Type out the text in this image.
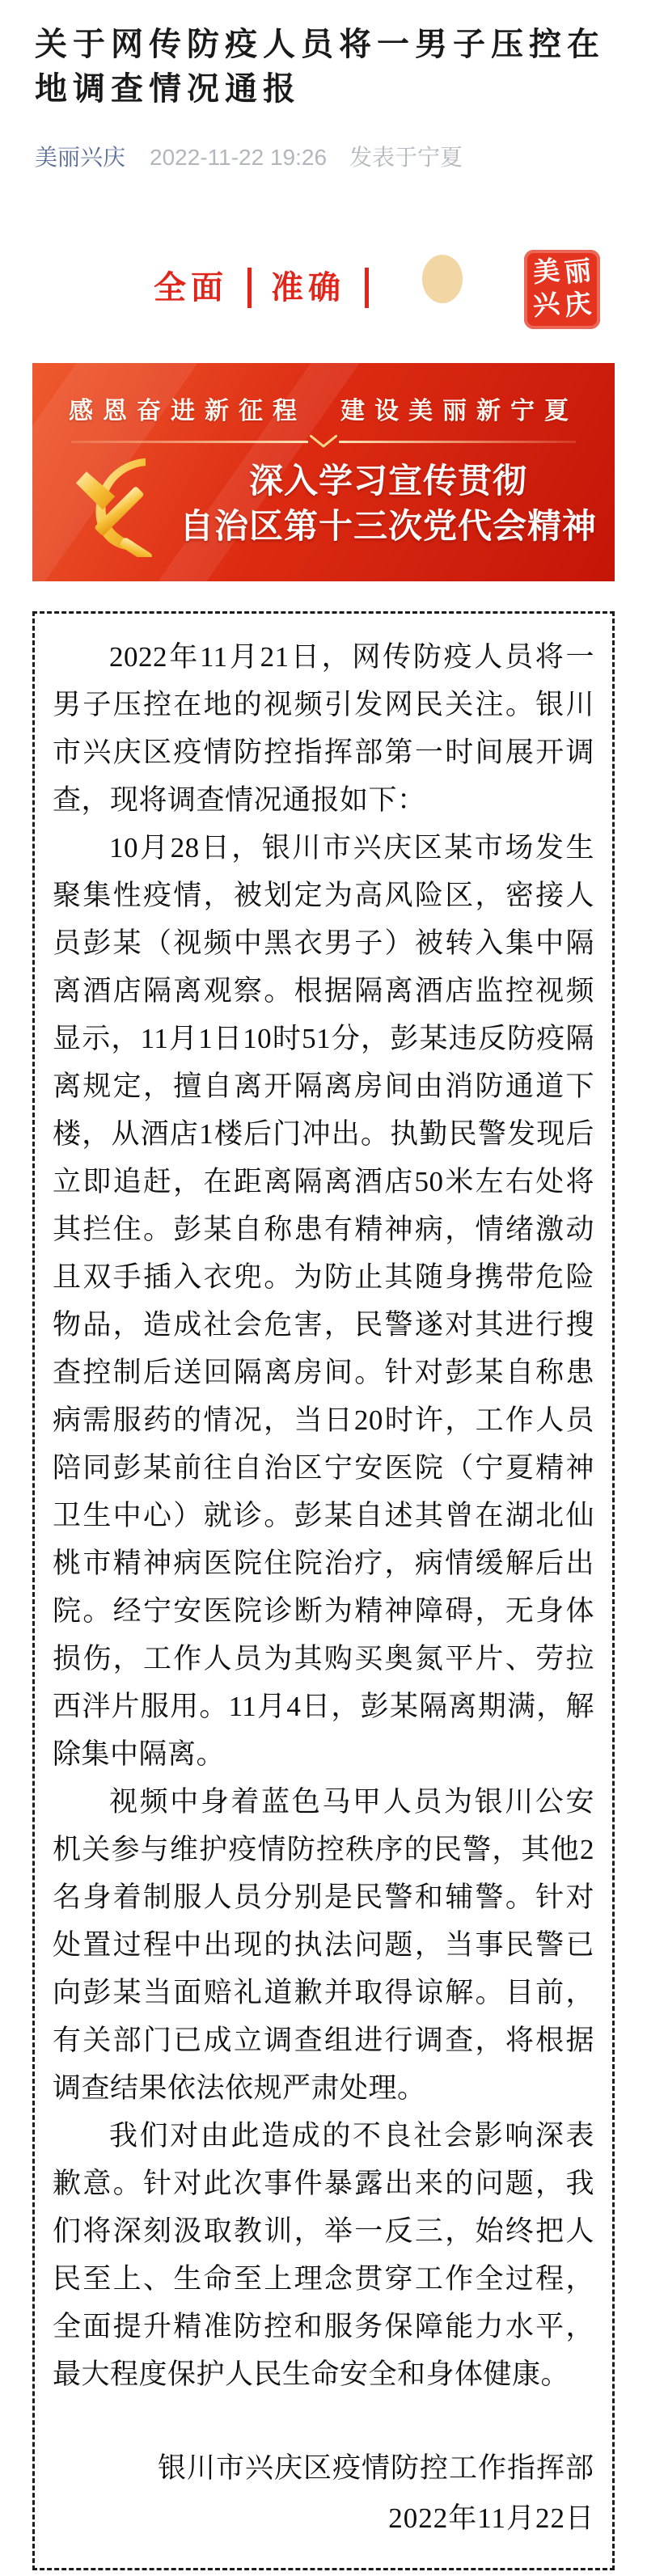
关于网传防疫人员将一男子压控在地调查情况通报
美丽兴庆 2022-11-22 19:26 发表于宁夏
全面 准确	美 丽
兴 庆
感恩奋进新征程　建设美丽新宁夏
深入学习宣传贯彻
自治区第十三次党代会精神

2022年11月21日，网传防疫人员将一男子压控在地的视频引发网民关注。银川市兴庆区疫情防控指挥部第一时间展开调查，现将调查情况通报如下：

10月28日，银川市兴庆区某市场发生聚集性疫情，被划定为高风险区，密接人员彭某（视频中黑衣男子）被转入集中隔离酒店隔离观察。根据隔离酒店监控视频显示，11月1日10时51分，彭某违反防疫隔离规定，擅自离开隔离房间由消防通道下楼，从酒店1楼后门冲出。执勤民警发现后立即追赶，在距离隔离酒店50米左右处将其拦住。彭某自称患有精神病，情绪激动且双手插入衣兜。为防止其随身携带危险物品，造成社会危害，民警遂对其进行搜查控制后送回隔离房间。针对彭某自称患病需服药的情况，当日20时许，工作人员陪同彭某前往自治区宁安医院（宁夏精神卫生中心）就诊。彭某自述其曾在湖北仙桃市精神病医院住院治疗，病情缓解后出院。经宁安医院诊断为精神障碍，无身体损伤，工作人员为其购买奥氮平片、劳拉西泮片服用。11月4日，彭某隔离期满，解除集中隔离。

视频中身着蓝色马甲人员为银川公安机关参与维护疫情防控秩序的民警，其他2名身着制服人员分别是民警和辅警。针对处置过程中出现的执法问题，当事民警已向彭某当面赔礼道歉并取得谅解。目前，有关部门已成立调查组进行调查，将根据调查结果依法依规严肃处理。

我们对由此造成的不良社会影响深表歉意。针对此次事件暴露出来的问题，我们将深刻汲取教训，举一反三，始终把人民至上、生命至上理念贯穿工作全过程，全面提升精准防控和服务保障能力水平，最大程度保护人民生命安全和身体健康。

银川市兴庆区疫情防控工作指挥部
2022年11月22日
